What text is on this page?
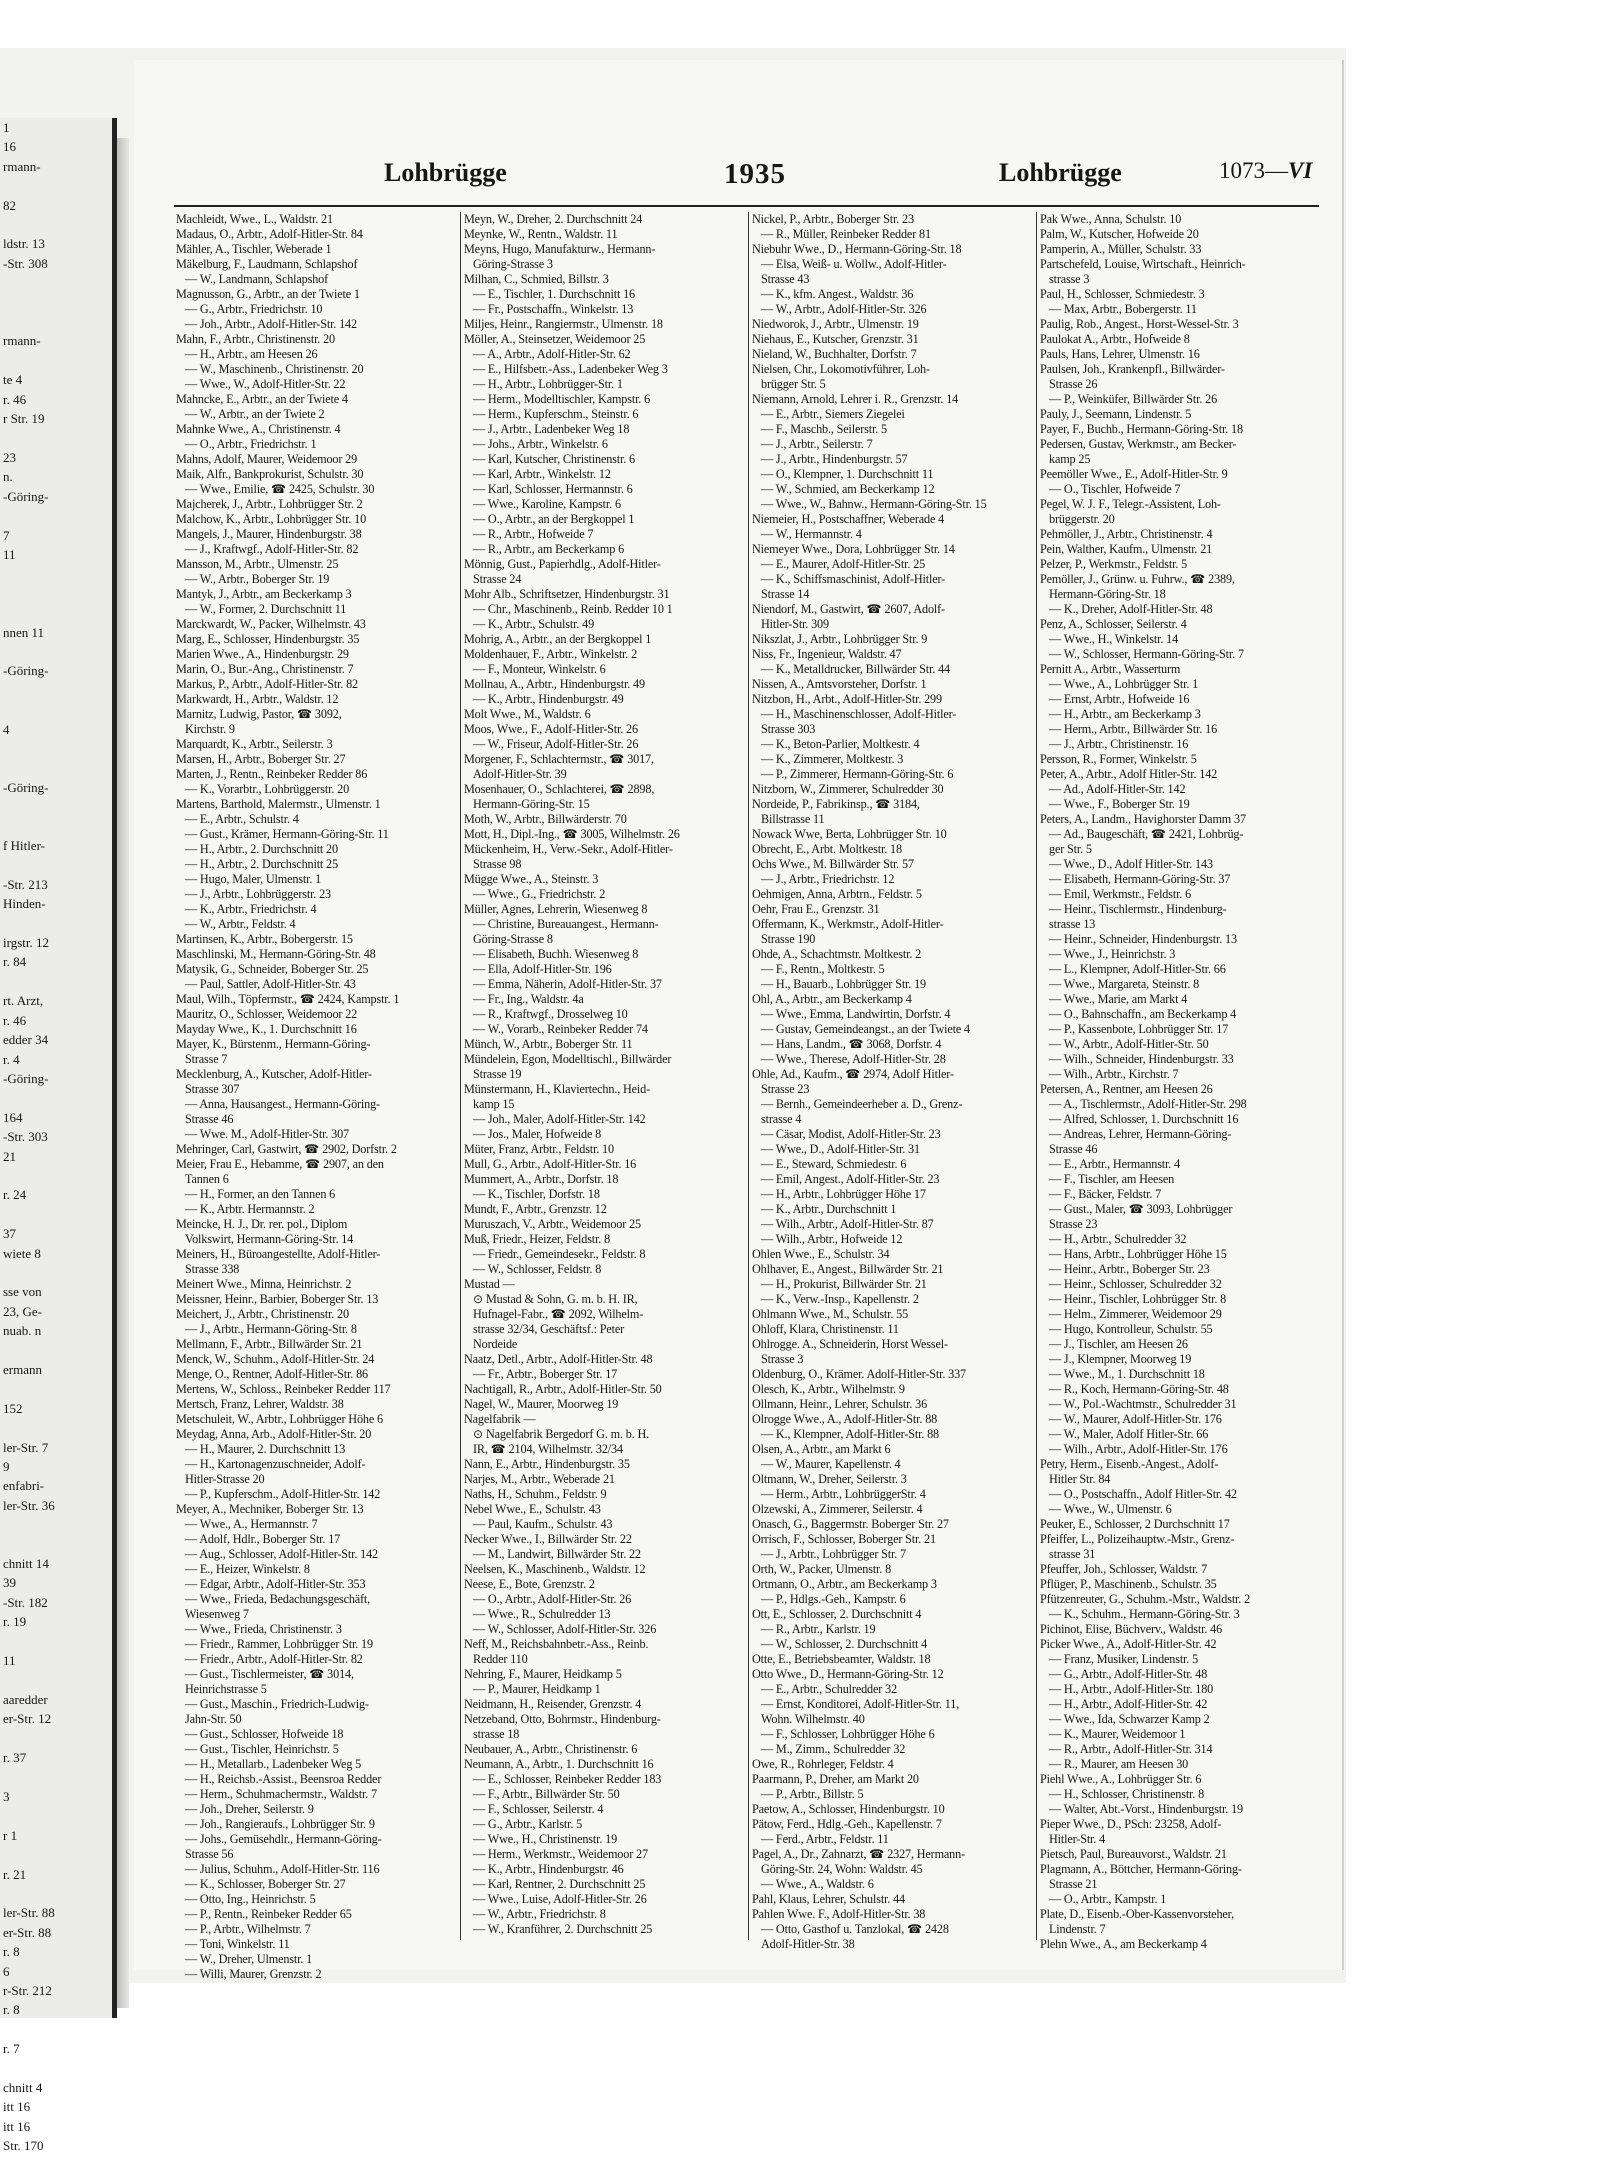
1
16
rmann-

82

ldstr. 13
-Str. 308

rmann-

te 4
r. 46
r Str. 19

23
n.
-Göring-

7
11

nnen 11

-Göring-

4

-Göring-

f Hitler-

-Str. 213
Hinden-

irgstr. 12
r. 84

rt. Arzt,
r. 46
edder 34
r. 4
-Göring-

164
-Str. 303
21

r. 24

37
wiete 8

sse von
23, Ge-
nuab. n

ermann

152

ler-Str. 7
9
enfabri-
ler-Str. 36

chnitt 14
39
-Str. 182
r. 19

11

aaredder
er-Str. 12

r. 37

3

r 1

r. 21

ler-Str. 88
er-Str. 88
r. 8
6
r-Str. 212
r. 8

r. 7

chnitt 4
itt 16
itt 16
Str. 170
Lohbrügge	1935	Lohbrügge	1073—VI
Machleidt, Wwe., L., Waldstr. 21
Madaus, O., Arbtr., Adolf-Hitler-Str. 84
Mähler, A., Tischler, Weberade 1
Mäkelburg, F., Laudmann, Schlapshof
— W., Landmann, Schlapshof
Magnusson, G., Arbtr., an der Twiete 1
— G., Arbtr., Friedrichstr. 10
— Joh., Arbtr., Adolf-Hitler-Str. 142
Mahn, F., Arbtr., Christinenstr. 20
— H., Arbtr., am Heesen 26
— W., Maschinenb., Christinenstr. 20
— Wwe., W., Adolf-Hitler-Str. 22
Mahncke, E., Arbtr., an der Twiete 4
— W., Arbtr., an der Twiete 2
Mahnke Wwe., A., Christinenstr. 4
— O., Arbtr., Friedrichstr. 1
Mahns, Adolf, Maurer, Weidemoor 29
Maik, Alfr., Bankprokurist, Schulstr. 30
— Wwe., Emilie, ☎ 2425, Schulstr. 30
Majcherek, J., Arbtr., Lohbrügger Str. 2
Malchow, K., Arbtr., Lohbrügger Str. 10
Mangels, J., Maurer, Hindenburgstr. 38
— J., Kraftwgf., Adolf-Hitler-Str. 82
Mansson, M., Arbtr., Ulmenstr. 25
— W., Arbtr., Boberger Str. 19
Mantyk, J., Arbtr., am Beckerkamp 3
— W., Former, 2. Durchschnitt 11
Marckwardt, W., Packer, Wilhelmstr. 43
Marg, E., Schlosser, Hindenburgstr. 35
Marien Wwe., A., Hindenburgstr. 29
Marin, O., Bur.-Ang., Christinenstr. 7
Markus, P., Arbtr., Adolf-Hitler-Str. 82
Markwardt, H., Arbtr., Waldstr. 12
Marnitz, Ludwig, Pastor, ☎ 3092,
Kirchstr. 9
Marquardt, K., Arbtr., Seilerstr. 3
Marsen, H., Arbtr., Boberger Str. 27
Marten, J., Rentn., Reinbeker Redder 86
— K., Vorarbtr., Lohbrüggerstr. 20
Martens, Barthold, Malermstr., Ulmenstr. 1
— E., Arbtr., Schulstr. 4
— Gust., Krämer, Hermann-Göring-Str. 11
— H., Arbtr., 2. Durchschnitt 20
— H., Arbtr., 2. Durchschnitt 25
— Hugo, Maler, Ulmenstr. 1
— J., Arbtr., Lohbrüggerstr. 23
— K., Arbtr., Friedrichstr. 4
— W., Arbtr., Feldstr. 4
Martinsen, K., Arbtr., Bobergerstr. 15
Maschlinski, M., Hermann-Göring-Str. 48
Matysik, G., Schneider, Boberger Str. 25
— Paul, Sattler, Adolf-Hitler-Str. 43
Maul, Wilh., Töpfermstr., ☎ 2424, Kampstr. 1
Mauritz, O., Schlosser, Weidemoor 22
Mayday Wwe., K., 1. Durchschnitt 16
Mayer, K., Bürstenm., Hermann-Göring-
Strasse 7
Mecklenburg, A., Kutscher, Adolf-Hitler-
Strasse 307
— Anna, Hausangest., Hermann-Göring-
Strasse 46
— Wwe. M., Adolf-Hitler-Str. 307
Mehringer, Carl, Gastwirt, ☎ 2902, Dorfstr. 2
Meier, Frau E., Hebamme, ☎ 2907, an den
Tannen 6
— H., Former, an den Tannen 6
— K., Arbtr. Hermannstr. 2
Meincke, H. J., Dr. rer. pol., Diplom
Volkswirt, Hermann-Göring-Str. 14
Meiners, H., Büroangestellte, Adolf-Hitler-
Strasse 338
Meinert Wwe., Minna, Heinrichstr. 2
Meissner, Heinr., Barbier, Boberger Str. 13
Meichert, J., Arbtr., Christinenstr. 20
— J., Arbtr., Hermann-Göring-Str. 8
Mellmann, F., Arbtr., Billwärder Str. 21
Menck, W., Schuhm., Adolf-Hitler-Str. 24
Menge, O., Rentner, Adolf-Hitler-Str. 86
Mertens, W., Schloss., Reinbeker Redder 117
Mertsch, Franz, Lehrer, Waldstr. 38
Metschuleit, W., Arbtr., Lohbrügger Höhe 6
Meydag, Anna, Arb., Adolf-Hitler-Str. 20
— H., Maurer, 2. Durchschnitt 13
— H., Kartonagenzuschneider, Adolf-
Hitler-Strasse 20
— P., Kupferschm., Adolf-Hitler-Str. 142
Meyer, A., Mechniker, Boberger Str. 13
— Wwe., A., Hermannstr. 7
— Adolf, Hdlr., Boberger Str. 17
— Aug., Schlosser, Adolf-Hitler-Str. 142
— E., Heizer, Winkelstr. 8
— Edgar, Arbtr., Adolf-Hitler-Str. 353
— Wwe., Frieda, Bedachungsgeschäft,
Wiesenweg 7
— Wwe., Frieda, Christinenstr. 3
— Friedr., Rammer, Lohbrügger Str. 19
— Friedr., Arbtr., Adolf-Hitler-Str. 82
— Gust., Tischlermeister, ☎ 3014,
Heinrichstrasse 5
— Gust., Maschin., Friedrich-Ludwig-
Jahn-Str. 50
— Gust., Schlosser, Hofweide 18
— Gust., Tischler, Heinrichstr. 5
— H., Metallarb., Ladenbeker Weg 5
— H., Reichsb.-Assist., Beensroa Redder
— Herm., Schuhmachermstr., Waldstr. 7
— Joh., Dreher, Seilerstr. 9
— Joh., Rangieraufs., Lohbrügger Str. 9
— Johs., Gemüsehdlr., Hermann-Göring-
Strasse 56
— Julius, Schuhm., Adolf-Hitler-Str. 116
— K., Schlosser, Boberger Str. 27
— Otto, Ing., Heinrichstr. 5
— P., Rentn., Reinbeker Redder 65
— P., Arbtr., Wilhelmstr. 7
— Toni, Winkelstr. 11
— W., Dreher, Ulmenstr. 1
— Willi, Maurer, Grenzstr. 2
Meyn, W., Dreher, 2. Durchschnitt 24
Meynke, W., Rentn., Waldstr. 11
Meyns, Hugo, Manufakturw., Hermann-
Göring-Strasse 3
Milhan, C., Schmied, Billstr. 3
— E., Tischler, 1. Durchschnitt 16
— Fr., Postschaffn., Winkelstr. 13
Miljes, Heinr., Rangiermstr., Ulmenstr. 18
Möller, A., Steinsetzer, Weidemoor 25
— A., Arbtr., Adolf-Hitler-Str. 62
— E., Hilfsbetr.-Ass., Ladenbeker Weg 3
— H., Arbtr., Lohbrügger-Str. 1
— Herm., Modelltischler, Kampstr. 6
— Herm., Kupferschm., Steinstr. 6
— J., Arbtr., Ladenbeker Weg 18
— Johs., Arbtr., Winkelstr. 6
— Karl, Kutscher, Christinenstr. 6
— Karl, Arbtr., Winkelstr. 12
— Karl, Schlosser, Hermannstr. 6
— Wwe., Karoline, Kampstr. 6
— O., Arbtr., an der Bergkoppel 1
— R., Arbtr., Hofweide 7
— R., Arbtr., am Beckerkamp 6
Mönnig, Gust., Papierhdlg., Adolf-Hitler-
Strasse 24
Mohr Alb., Schriftsetzer, Hindenburgstr. 31
— Chr., Maschinenb., Reinb. Redder 10 1
— K., Arbtr., Schulstr. 49
Mohrig, A., Arbtr., an der Bergkoppel 1
Moldenhauer, F., Arbtr., Winkelstr. 2
— F., Monteur, Winkelstr. 6
Mollnau, A., Arbtr., Hindenburgstr. 49
— K., Arbtr., Hindenburgstr. 49
Molt Wwe., M., Waldstr. 6
Moos, Wwe., F., Adolf-Hitler-Str. 26
— W., Friseur, Adolf-Hitler-Str. 26
Morgener, F., Schlachtermstr., ☎ 3017,
Adolf-Hitler-Str. 39
Mosenhauer, O., Schlachterei, ☎ 2898,
Hermann-Göring-Str. 15
Moth, W., Arbtr., Billwärderstr. 70
Mott, H., Dipl.-Ing., ☎ 3005, Wilhelmstr. 26
Mückenheim, H., Verw.-Sekr., Adolf-Hitler-
Strasse 98
Mügge Wwe., A., Steinstr. 3
— Wwe., G., Friedrichstr. 2
Müller, Agnes, Lehrerin, Wiesenweg 8
— Christine, Bureauangest., Hermann-
Göring-Strasse 8
— Elisabeth, Buchh. Wiesenweg 8
— Ella, Adolf-Hitler-Str. 196
— Emma, Näherin, Adolf-Hitler-Str. 37
— Fr., Ing., Waldstr. 4a
— R., Kraftwgf., Drosselweg 10
— W., Vorarb., Reinbeker Redder 74
Münch, W., Arbtr., Boberger Str. 11
Mündelein, Egon, Modelltischl., Billwärder
Strasse 19
Münstermann, H., Klaviertechn., Heid-
kamp 15
— Joh., Maler, Adolf-Hitler-Str. 142
— Jos., Maler, Hofweide 8
Müter, Franz, Arbtr., Feldstr. 10
Mull, G., Arbtr., Adolf-Hitler-Str. 16
Mummert, A., Arbtr., Dorfstr. 18
— K., Tischler, Dorfstr. 18
Mundt, F., Arbtr., Grenzstr. 12
Muruszach, V., Arbtr., Weidemoor 25
Muß, Friedr., Heizer, Feldstr. 8
— Friedr., Gemeindesekr., Feldstr. 8
— W., Schlosser, Feldstr. 8
Mustad —
⊙ Mustad & Sohn, G. m. b. H. IR,
Hufnagel-Fabr., ☎ 2092, Wilhelm-
strasse 32/34, Geschäftsf.: Peter
Nordeide
Naatz, Detl., Arbtr., Adolf-Hitler-Str. 48
— Fr., Arbtr., Boberger Str. 17
Nachtigall, R., Arbtr., Adolf-Hitler-Str. 50
Nagel, W., Maurer, Moorweg 19
Nagelfabrik —
⊙ Nagelfabrik Bergedorf G. m. b. H.
IR, ☎ 2104, Wilhelmstr. 32/34
Nann, E., Arbtr., Hindenburgstr. 35
Narjes, M., Arbtr., Weberade 21
Naths, H., Schuhm., Feldstr. 9
Nebel Wwe., E., Schulstr. 43
— Paul, Kaufm., Schulstr. 43
Necker Wwe., I., Billwärder Str. 22
— M., Landwirt, Billwärder Str. 22
Neelsen, K., Maschinenb., Waldstr. 12
Neese, E., Bote, Grenzstr. 2
— O., Arbtr., Adolf-Hitler-Str. 26
— Wwe., R., Schulredder 13
— W., Schlosser, Adolf-Hitler-Str. 326
Neff, M., Reichsbahnbetr.-Ass., Reinb.
Redder 110
Nehring, F., Maurer, Heidkamp 5
— P., Maurer, Heidkamp 1
Neidmann, H., Reisender, Grenzstr. 4
Netzeband, Otto, Bohrmstr., Hindenburg-
strasse 18
Neubauer, A., Arbtr., Christinenstr. 6
Neumann, A., Arbtr., 1. Durchschnitt 16
— E., Schlosser, Reinbeker Redder 183
— F., Arbtr., Billwärder Str. 50
— F., Schlosser, Seilerstr. 4
— G., Arbtr., Karlstr. 5
— Wwe., H., Christinenstr. 19
— Herm., Werkmstr., Weidemoor 27
— K., Arbtr., Hindenburgstr. 46
— Karl, Rentner, 2. Durchschnitt 25
— Wwe., Luise, Adolf-Hitler-Str. 26
— W., Arbtr., Friedrichstr. 8
— W., Kranführer, 2. Durchschnitt 25
Nickel, P., Arbtr., Boberger Str. 23
— R., Müller, Reinbeker Redder 81
Niebuhr Wwe., D., Hermann-Göring-Str. 18
— Elsa, Weiß- u. Wollw., Adolf-Hitler-
Strasse 43
— K., kfm. Angest., Waldstr. 36
— W., Arbtr., Adolf-Hitler-Str. 326
Niedworok, J., Arbtr., Ulmenstr. 19
Niehaus, E., Kutscher, Grenzstr. 31
Nieland, W., Buchhalter, Dorfstr. 7
Nielsen, Chr., Lokomotivführer, Loh-
brügger Str. 5
Niemann, Arnold, Lehrer i. R., Grenzstr. 14
— E., Arbtr., Siemers Ziegelei
— F., Maschb., Seilerstr. 5
— J., Arbtr., Seilerstr. 7
— J., Arbtr., Hindenburgstr. 57
— O., Klempner, 1. Durchschnitt 11
— W., Schmied, am Beckerkamp 12
— Wwe., W., Bahnw., Hermann-Göring-Str. 15
Niemeier, H., Postschaffner, Weberade 4
— W., Hermannstr. 4
Niemeyer Wwe., Dora, Lohbrügger Str. 14
— E., Maurer, Adolf-Hitler-Str. 25
— K., Schiffsmaschinist, Adolf-Hitler-
Strasse 14
Niendorf, M., Gastwirt, ☎ 2607, Adolf-
Hitler-Str. 309
Nikszlat, J., Arbtr., Lohbrügger Str. 9
Niss, Fr., Ingenieur, Waldstr. 47
— K., Metalldrucker, Billwärder Str. 44
Nissen, A., Amtsvorsteher, Dorfstr. 1
Nitzbon, H., Arbt., Adolf-Hitler-Str. 299
— H., Maschinenschlosser, Adolf-Hitler-
Strasse 303
— K., Beton-Parlier, Moltkestr. 4
— K., Zimmerer, Moltkestr. 3
— P., Zimmerer, Hermann-Göring-Str. 6
Nitzborn, W., Zimmerer, Schulredder 30
Nordeide, P., Fabrikinsp., ☎ 3184,
Billstrasse 11
Nowack Wwe, Berta, Lohbrügger Str. 10
Obrecht, E., Arbt. Moltkestr. 18
Ochs Wwe., M. Billwärder Str. 57
— J., Arbtr., Friedrichstr. 12
Oehmigen, Anna, Arbtrn., Feldstr. 5
Oehr, Frau E., Grenzstr. 31
Offermann, K., Werkmstr., Adolf-Hitler-
Strasse 190
Ohde, A., Schachtmstr. Moltkestr. 2
— F., Rentn., Moltkestr. 5
— H., Bauarb., Lohbrügger Str. 19
Ohl, A., Arbtr., am Beckerkamp 4
— Wwe., Emma, Landwirtin, Dorfstr. 4
— Gustav, Gemeindeangst., an der Twiete 4
— Hans, Landm., ☎ 3068, Dorfstr. 4
— Wwe., Therese, Adolf-Hitler-Str. 28
Ohle, Ad., Kaufm., ☎ 2974, Adolf Hitler-
Strasse 23
— Bernh., Gemeindeerheber a. D., Grenz-
strasse 4
— Cäsar, Modist, Adolf-Hitler-Str. 23
— Wwe., D., Adolf-Hitler-Str. 31
— E., Steward, Schmiedestr. 6
— Emil, Angest., Adolf-Hitler-Str. 23
— H., Arbtr., Lohbrügger Höhe 17
— K., Arbtr., Durchschnitt 1
— Wilh., Arbtr., Adolf-Hitler-Str. 87
— Wilh., Arbtr., Hofweide 12
Ohlen Wwe., E., Schulstr. 34
Ohlhaver, E., Angest., Billwärder Str. 21
— H., Prokurist, Billwärder Str. 21
— K., Verw.-Insp., Kapellenstr. 2
Ohlmann Wwe., M., Schulstr. 55
Ohloff, Klara, Christinenstr. 11
Ohlrogge. A., Schneiderin, Horst Wessel-
Strasse 3
Oldenburg, O., Krämer. Adolf-Hitler-Str. 337
Olesch, K., Arbtr., Wilhelmstr. 9
Ollmann, Heinr., Lehrer, Schulstr. 36
Olrogge Wwe., A., Adolf-Hitler-Str. 88
— K., Klempner, Adolf-Hitler-Str. 88
Olsen, A., Arbtr., am Markt 6
— W., Maurer, Kapellenstr. 4
Oltmann, W., Dreher, Seilerstr. 3
— Herm., Arbtr., LohbrüggerStr. 4
Olzewski, A., Zimmerer, Seilerstr. 4
Onasch, G., Baggermstr. Boberger Str. 27
Orrisch, F., Schlosser, Boberger Str. 21
— J., Arbtr., Lohbrügger Str. 7
Orth, W., Packer, Ulmenstr. 8
Ortmann, O., Arbtr., am Beckerkamp 3
— P., Hdlgs.-Geh., Kampstr. 6
Ott, E., Schlosser, 2. Durchschnitt 4
— R., Arbtr., Karlstr. 19
— W., Schlosser, 2. Durchschnitt 4
Otte, E., Betriebsbeamter, Waldstr. 18
Otto Wwe., D., Hermann-Göring-Str. 12
— E., Arbtr., Schulredder 32
— Ernst, Konditorei, Adolf-Hitler-Str. 11,
Wohn. Wilhelmstr. 40
— F., Schlosser, Lohbrügger Höhe 6
— M., Zimm., Schulredder 32
Owe, R., Rohrleger, Feldstr. 4
Paarmann, P., Dreher, am Markt 20
— P., Arbtr., Billstr. 5
Paetow, A., Schlosser, Hindenburgstr. 10
Pätow, Ferd., Hdlg.-Geh., Kapellenstr. 7
— Ferd., Arbtr., Feldstr. 11
Pagel, A., Dr., Zahnarzt, ☎ 2327, Hermann-
Göring-Str. 24, Wohn: Waldstr. 45
— Wwe., A., Waldstr. 6
Pahl, Klaus, Lehrer, Schulstr. 44
Pahlen Wwe. F., Adolf-Hitler-Str. 38
— Otto, Gasthof u. Tanzlokal, ☎ 2428
Adolf-Hitler-Str. 38
Pak Wwe., Anna, Schulstr. 10
Palm, W., Kutscher, Hofweide 20
Pamperin, A., Müller, Schulstr. 33
Partschefeld, Louise, Wirtschaft., Heinrich-
strasse 3
Paul, H., Schlosser, Schmiedestr. 3
— Max, Arbtr., Bobergerstr. 11
Paulig, Rob., Angest., Horst-Wessel-Str. 3
Paulokat A., Arbtr., Hofweide 8
Pauls, Hans, Lehrer, Ulmenstr. 16
Paulsen, Joh., Krankenpfl., Billwärder-
Strasse 26
— P., Weinküfer, Billwärder Str. 26
Pauly, J., Seemann, Lindenstr. 5
Payer, F., Buchb., Hermann-Göring-Str. 18
Pedersen, Gustav, Werkmstr., am Becker-
kamp 25
Peemöller Wwe., E., Adolf-Hitler-Str. 9
— O., Tischler, Hofweide 7
Pegel, W. J. F., Telegr.-Assistent, Loh-
brüggerstr. 20
Pehmöller, J., Arbtr., Christinenstr. 4
Pein, Walther, Kaufm., Ulmenstr. 21
Pelzer, P., Werkmstr., Feldstr. 5
Pemöller, J., Grünw. u. Fuhrw., ☎ 2389,
Hermann-Göring-Str. 18
— K., Dreher, Adolf-Hitler-Str. 48
Penz, A., Schlosser, Seilerstr. 4
— Wwe., H., Winkelstr. 14
— W., Schlosser, Hermann-Göring-Str. 7
Pernitt A., Arbtr., Wasserturm
— Wwe., A., Lohbrügger Str. 1
— Ernst, Arbtr., Hofweide 16
— H., Arbtr., am Beckerkamp 3
— Herm., Arbtr., Billwärder Str. 16
— J., Arbtr., Christinenstr. 16
Persson, R., Former, Winkelstr. 5
Peter, A., Arbtr., Adolf Hitler-Str. 142
— Ad., Adolf-Hitler-Str. 142
— Wwe., F., Boberger Str. 19
Peters, A., Landm., Havighorster Damm 37
— Ad., Baugeschäft, ☎ 2421, Lohbrüg-
ger Str. 5
— Wwe., D., Adolf Hitler-Str. 143
— Elisabeth, Hermann-Göring-Str. 37
— Emil, Werkmstr., Feldstr. 6
— Heinr., Tischlermstr., Hindenburg-
strasse 13
— Heinr., Schneider, Hindenburgstr. 13
— Wwe., J., Heinrichstr. 3
— L., Klempner, Adolf-Hitler-Str. 66
— Wwe., Margareta, Steinstr. 8
— Wwe., Marie, am Markt 4
— O., Bahnschaffn., am Beckerkamp 4
— P., Kassenbote, Lohbrügger Str. 17
— W., Arbtr., Adolf-Hitler-Str. 50
— Wilh., Schneider, Hindenburgstr. 33
— Wilh., Arbtr., Kirchstr. 7
Petersen, A., Rentner, am Heesen 26
— A., Tischlermstr., Adolf-Hitler-Str. 298
— Alfred, Schlosser, 1. Durchschnitt 16
— Andreas, Lehrer, Hermann-Göring-
Strasse 46
— E., Arbtr., Hermannstr. 4
— F., Tischler, am Heesen
— F., Bäcker, Feldstr. 7
— Gust., Maler, ☎ 3093, Lohbrügger
Strasse 23
— H., Arbtr., Schulredder 32
— Hans, Arbtr., Lohbrügger Höhe 15
— Heinr., Arbtr., Boberger Str. 23
— Heinr., Schlosser, Schulredder 32
— Heinr., Tischler, Lohbrügger Str. 8
— Helm., Zimmerer, Weidemoor 29
— Hugo, Kontrolleur, Schulstr. 55
— J., Tischler, am Heesen 26
— J., Klempner, Moorweg 19
— Wwe., M., 1. Durchschnitt 18
— R., Koch, Hermann-Göring-Str. 48
— W., Pol.-Wachtmstr., Schulredder 31
— W., Maurer, Adolf-Hitler-Str. 176
— W., Maler, Adolf Hitler-Str. 66
— Wilh., Arbtr., Adolf-Hitler-Str. 176
Petry, Herm., Eisenb.-Angest., Adolf-
Hitler Str. 84
— O., Postschaffn., Adolf Hitler-Str. 42
— Wwe., W., Ulmenstr. 6
Peuker, E., Schlosser, 2 Durchschnitt 17
Pfeiffer, L., Polizeihauptw.-Mstr., Grenz-
strasse 31
Pfeuffer, Joh., Schlosser, Waldstr. 7
Pflüger, P., Maschinenb., Schulstr. 35
Pfützenreuter, G., Schuhm.-Mstr., Waldstr. 2
— K., Schuhm., Hermann-Göring-Str. 3
Pichinot, Elise, Büchverv., Waldstr. 46
Picker Wwe., A., Adolf-Hitler-Str. 42
— Franz, Musiker, Lindenstr. 5
— G., Arbtr., Adolf-Hitler-Str. 48
— H., Arbtr., Adolf-Hitler-Str. 180
— H., Arbtr., Adolf-Hitler-Str. 42
— Wwe., Ida, Schwarzer Kamp 2
— K., Maurer, Weidemoor 1
— R., Arbtr., Adolf-Hitler-Str. 314
— R., Maurer, am Heesen 30
Piehl Wwe., A., Lohbrügger Str. 6
— H., Schlosser, Christinenstr. 8
— Walter, Abt.-Vorst., Hindenburgstr. 19
Pieper Wwe., D., PSch: 23258, Adolf-
Hitler-Str. 4
Pietsch, Paul, Bureauvorst., Waldstr. 21
Plagmann, A., Böttcher, Hermann-Göring-
Strasse 21
— O., Arbtr., Kampstr. 1
Plate, D., Eisenb.-Ober-Kassenvorsteher,
Lindenstr. 7
Plehn Wwe., A., am Beckerkamp 4
